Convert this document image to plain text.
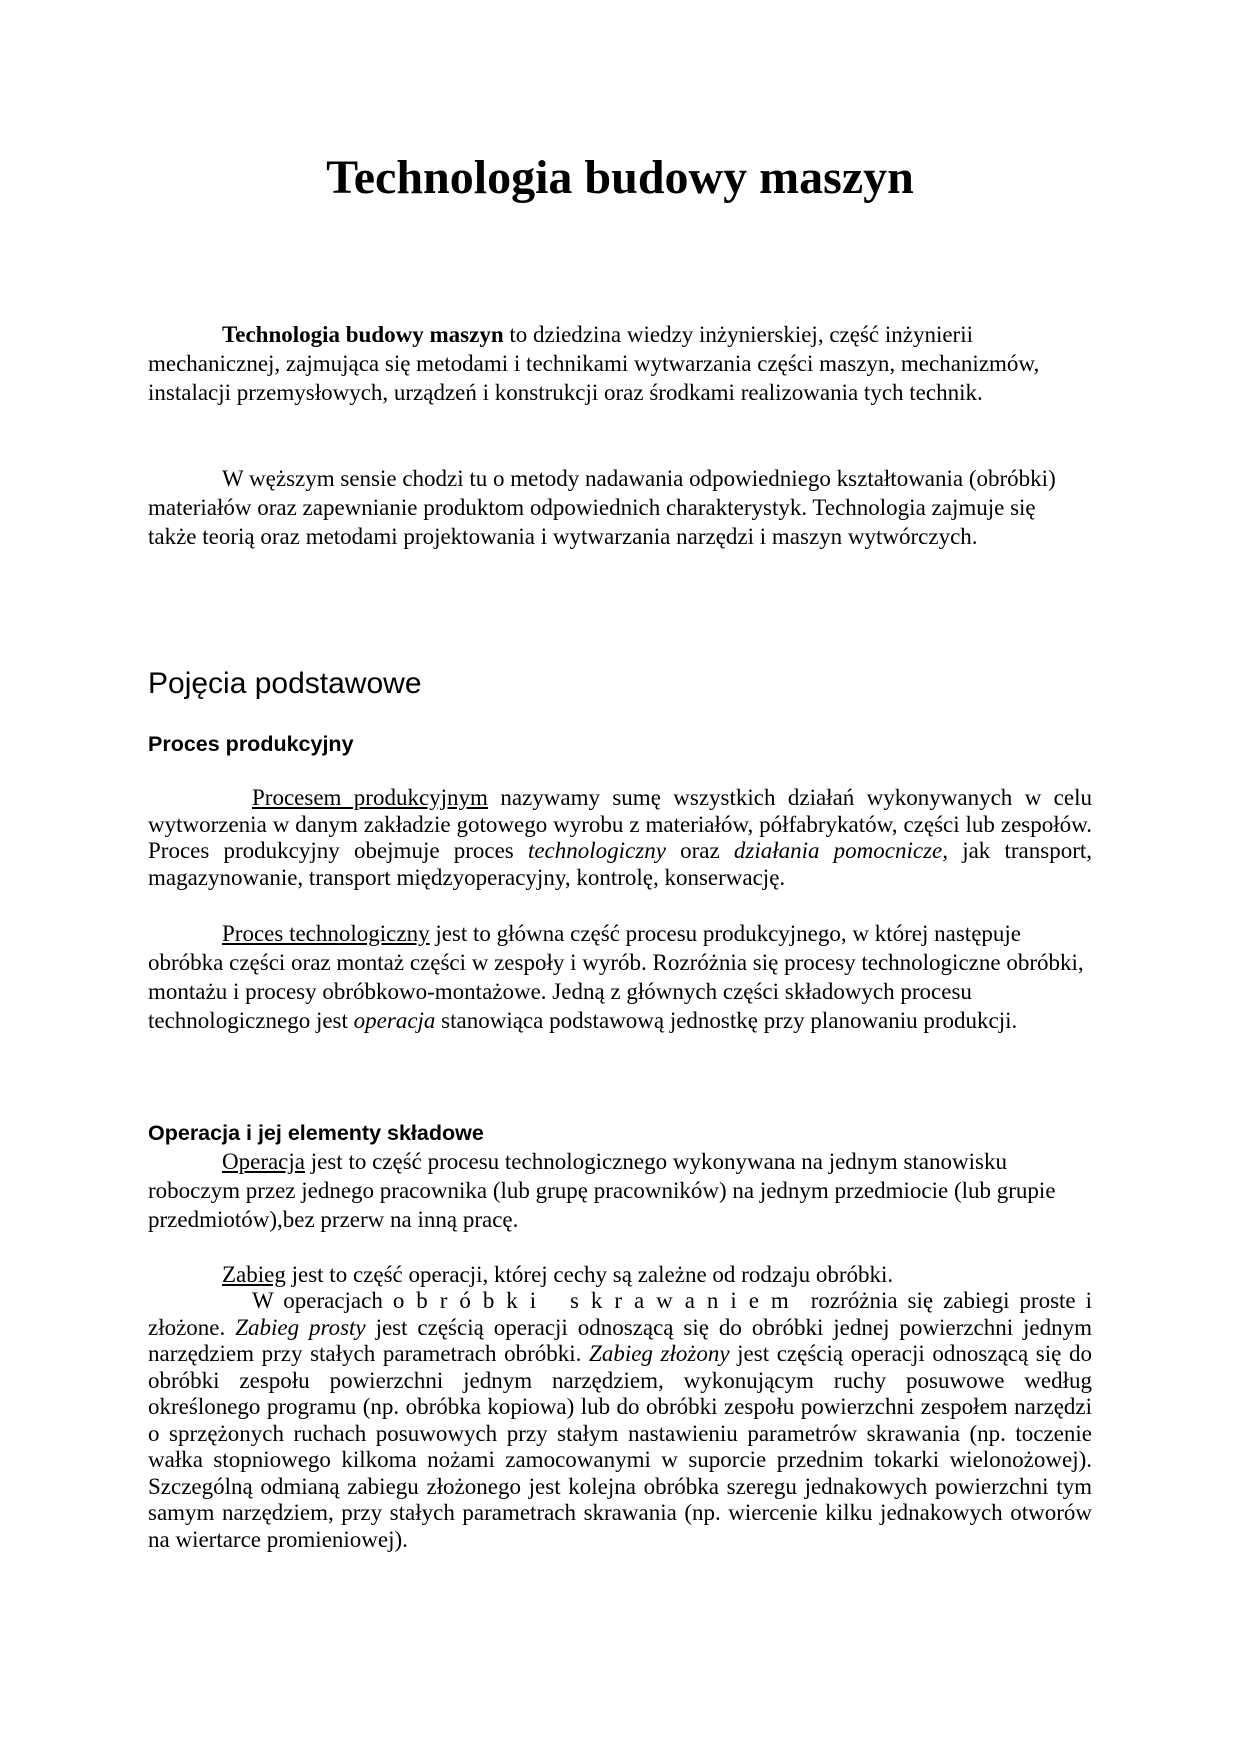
Technologia budowy maszyn

Technologia budowy maszyn to dziedzina wiedzy inżynierskiej, część inżynierii mechanicznej, zajmująca się metodami i technikami wytwarzania części maszyn, mechanizmów, instalacji przemysłowych, urządzeń i konstrukcji oraz środkami realizowania tych technik.

W węższym sensie chodzi tu o metody nadawania odpowiedniego kształtowania (obróbki) materiałów oraz zapewnianie produktom odpowiednich charakterystyk. Technologia zajmuje się także teorią oraz metodami projektowania i wytwarzania narzędzi i maszyn wytwórczych.

Pojęcia podstawowe
Proces produkcyjny

Procesem produkcyjnym nazywamy sumę wszystkich działań wykonywanych w celu wytworzenia w danym zakładzie gotowego wyrobu z materiałów, półfabrykatów, części lub zespołów. Proces produkcyjny obejmuje proces technologiczny oraz działania pomocnicze, jak transport, magazynowanie, transport międzyoperacyjny, kontrolę, konserwację.

Proces technologiczny jest to główna część procesu produkcyjnego, w której następuje obróbka części oraz montaż części w zespoły i wyrób. Rozróżnia się procesy technologiczne obróbki, montażu i procesy obróbkowo-montażowe. Jedną z głównych części składowych procesu technologicznego jest operacja stanowiąca podstawową jednostkę przy planowaniu produkcji.

Operacja i jej elementy składowe

Operacja jest to część procesu technologicznego wykonywana na jednym stanowisku roboczym przez jednego pracownika (lub grupę pracowników) na jednym przedmiocie (lub grupie przedmiotów),bez przerw na inną pracę.

Zabieg jest to część operacji, której cechy są zależne od rodzaju obróbki.

W operacjach obróbki skrawaniem rozróżnia się zabiegi proste i złożone. Zabieg prosty jest częścią operacji odnoszącą się do obróbki jednej powierzchni jednym narzędziem przy stałych parametrach obróbki. Zabieg złożony jest częścią operacji odnoszącą się do obróbki zespołu powierzchni jednym narzędziem, wykonującym ruchy posuwowe według określonego programu (np. obróbka kopiowa) lub do obróbki zespołu powierzchni zespołem narzędzi o sprzężonych ruchach posuwowych przy stałym nastawieniu parametrów skrawania (np. toczenie wałka stopniowego kilkoma nożami zamocowanymi w suporcie przednim tokarki wielonożowej). Szczególną odmianą zabiegu złożonego jest kolejna obróbka szeregu jednakowych powierzchni tym samym narzędziem, przy stałych parametrach skrawania (np. wiercenie kilku jednakowych otworów na wiertarce promieniowej).
